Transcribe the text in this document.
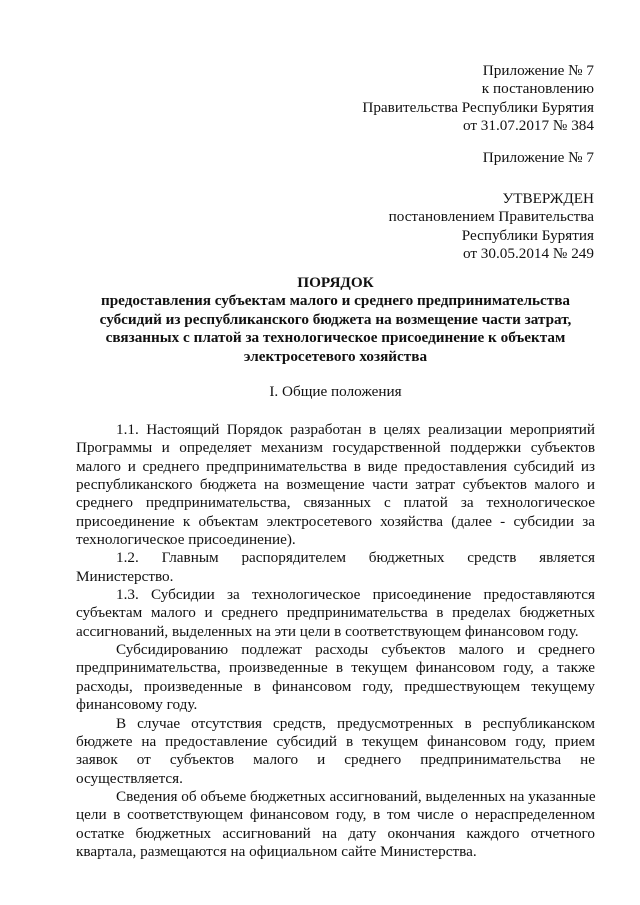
Приложение № 7
к постановлению
Правительства Республики Бурятия
от 31.07.2017 № 384
Приложение № 7
УТВЕРЖДЕН
постановлением Правительства
Республики Бурятия
от 30.05.2014 № 249
ПОРЯДОК
предоставления субъектам малого и среднего предпринимательства
субсидий из республиканского бюджета на возмещение части затрат,
связанных с платой за технологическое присоединение к объектам
электросетевого хозяйства
I. Общие положения

1.1. Настоящий Порядок разработан в целях реализации мероприятий
Программы и определяет механизм государственной поддержки субъектов
малого и среднего предпринимательства в виде предоставления субсидий из
республиканского бюджета на возмещение части затрат субъектов малого и
среднего предпринимательства, связанных с платой за технологическое
присоединение к объектам электросетевого хозяйства (далее - субсидии за
технологическое присоединение).

1.2. Главным распорядителем бюджетных средств является
Министерство.

1.3. Субсидии за технологическое присоединение предоставляются
субъектам малого и среднего предпринимательства в пределах бюджетных
ассигнований, выделенных на эти цели в соответствующем финансовом году.

Субсидированию подлежат расходы субъектов малого и среднего
предпринимательства, произведенные в текущем финансовом году, а также
расходы, произведенные в финансовом году, предшествующем текущему
финансовому году.

В случае отсутствия средств, предусмотренных в республиканском
бюджете на предоставление субсидий в текущем финансовом году, прием
заявок от субъектов малого и среднего предпринимательства не
осуществляется.

Сведения об объеме бюджетных ассигнований, выделенных на указанные
цели в соответствующем финансовом году, в том числе о нераспределенном
остатке бюджетных ассигнований на дату окончания каждого отчетного
квартала, размещаются на официальном сайте Министерства.
